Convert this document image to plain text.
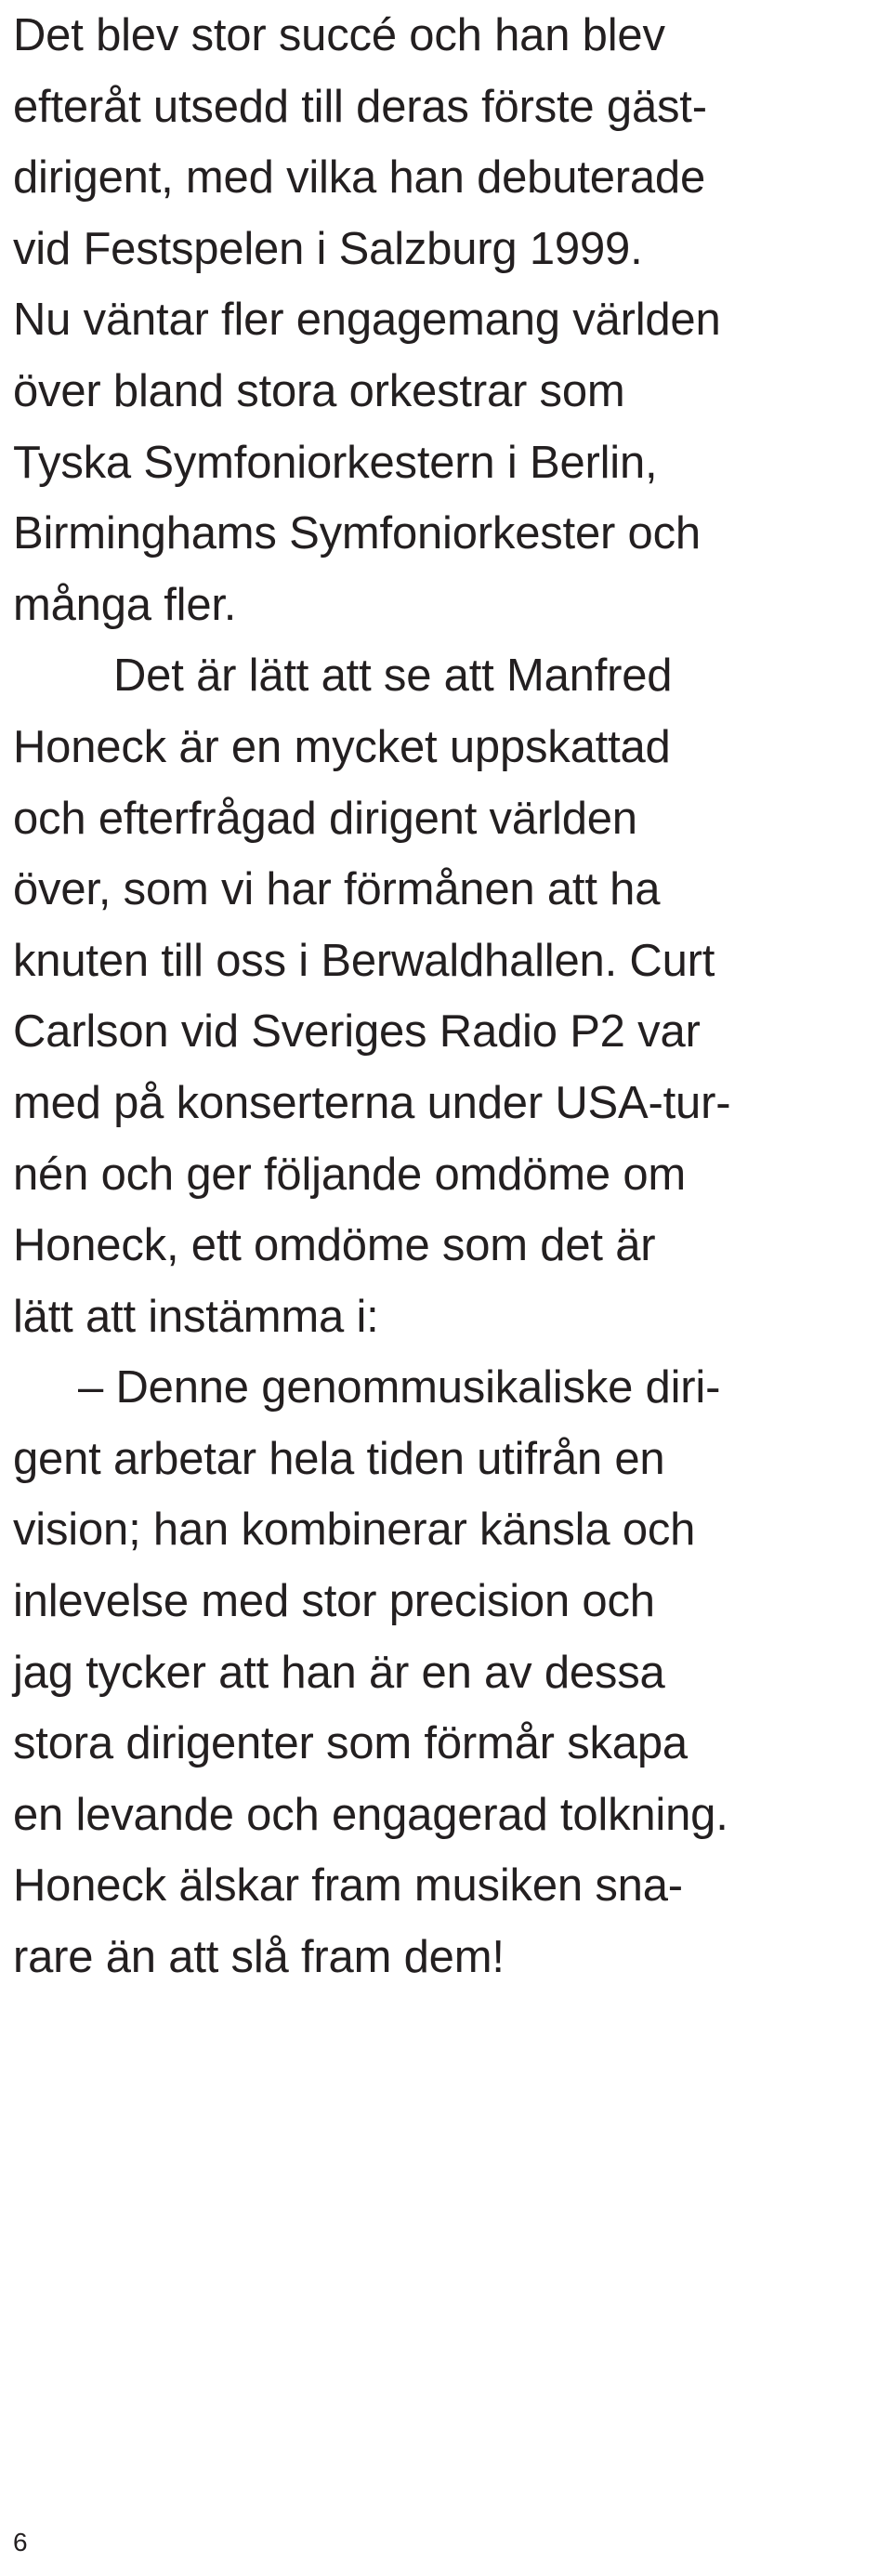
Det blev stor succé och han blev
efteråt utsedd till deras förste gäst-
dirigent, med vilka han debuterade
vid Festspelen i Salzburg 1999.
Nu väntar fler engagemang världen
över bland stora orkestrar som
Tyska Symfoniorkestern i Berlin,
Birminghams Symfoniorkester och
många fler.
Det är lätt att se att Manfred
Honeck är en mycket uppskattad
och efterfrågad dirigent världen
över, som vi har förmånen att ha
knuten till oss i Berwaldhallen. Curt
Carlson vid Sveriges Radio P2 var
med på konserterna under USA-tur-
nén och ger följande omdöme om
Honeck, ett omdöme som det är
lätt att instämma i:
– Denne genommusikaliske diri-
gent arbetar hela tiden utifrån en
vision; han kombinerar känsla och
inlevelse med stor precision och
jag tycker att han är en av dessa
stora dirigenter som förmår skapa
en levande och engagerad tolkning.
Honeck älskar fram musiken sna-
rare än att slå fram dem!
6
